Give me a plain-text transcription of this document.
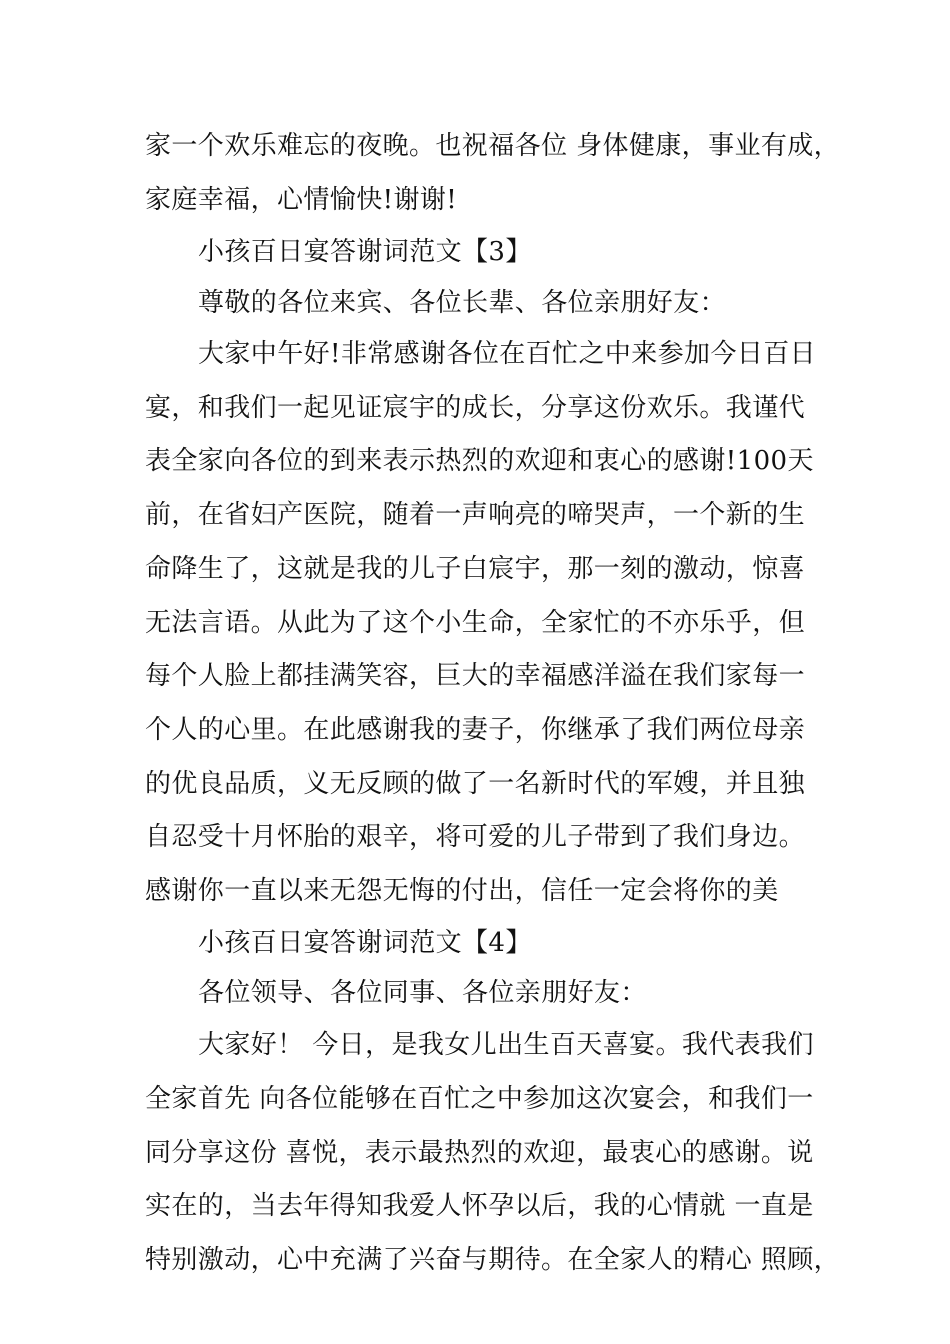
家一个欢乐难忘的夜晚。也祝福各位 身体健康，事业有成，
家庭幸福，心情愉快!谢谢!
小孩百日宴答谢词范文【3】
尊敬的各位来宾、各位长辈、各位亲朋好友：
大家中午好!非常感谢各位在百忙之中来参加今日百日
宴，和我们一起见证宸宇的成长，分享这份欢乐。我谨代
表全家向各位的到来表示热烈的欢迎和衷心的感谢!100天
前，在省妇产医院，随着一声响亮的啼哭声，一个新的生
命降生了，这就是我的儿子白宸宇，那一刻的激动，惊喜
无法言语。从此为了这个小生命，全家忙的不亦乐乎，但
每个人脸上都挂满笑容，巨大的幸福感洋溢在我们家每一
个人的心里。在此感谢我的妻子，你继承了我们两位母亲
的优良品质，义无反顾的做了一名新时代的军嫂，并且独
自忍受十月怀胎的艰辛，将可爱的儿子带到了我们身边。
感谢你一直以来无怨无悔的付出，信任一定会将你的美
小孩百日宴答谢词范文【4】
各位领导、各位同事、各位亲朋好友：
大家好！ 今日，是我女儿出生百天喜宴。我代表我们
全家首先 向各位能够在百忙之中参加这次宴会，和我们一
同分享这份 喜悦，表示最热烈的欢迎，最衷心的感谢。说
实在的，当去年得知我爱人怀孕以后，我的心情就 一直是
特别激动，心中充满了兴奋与期待。在全家人的精心 照顾，
